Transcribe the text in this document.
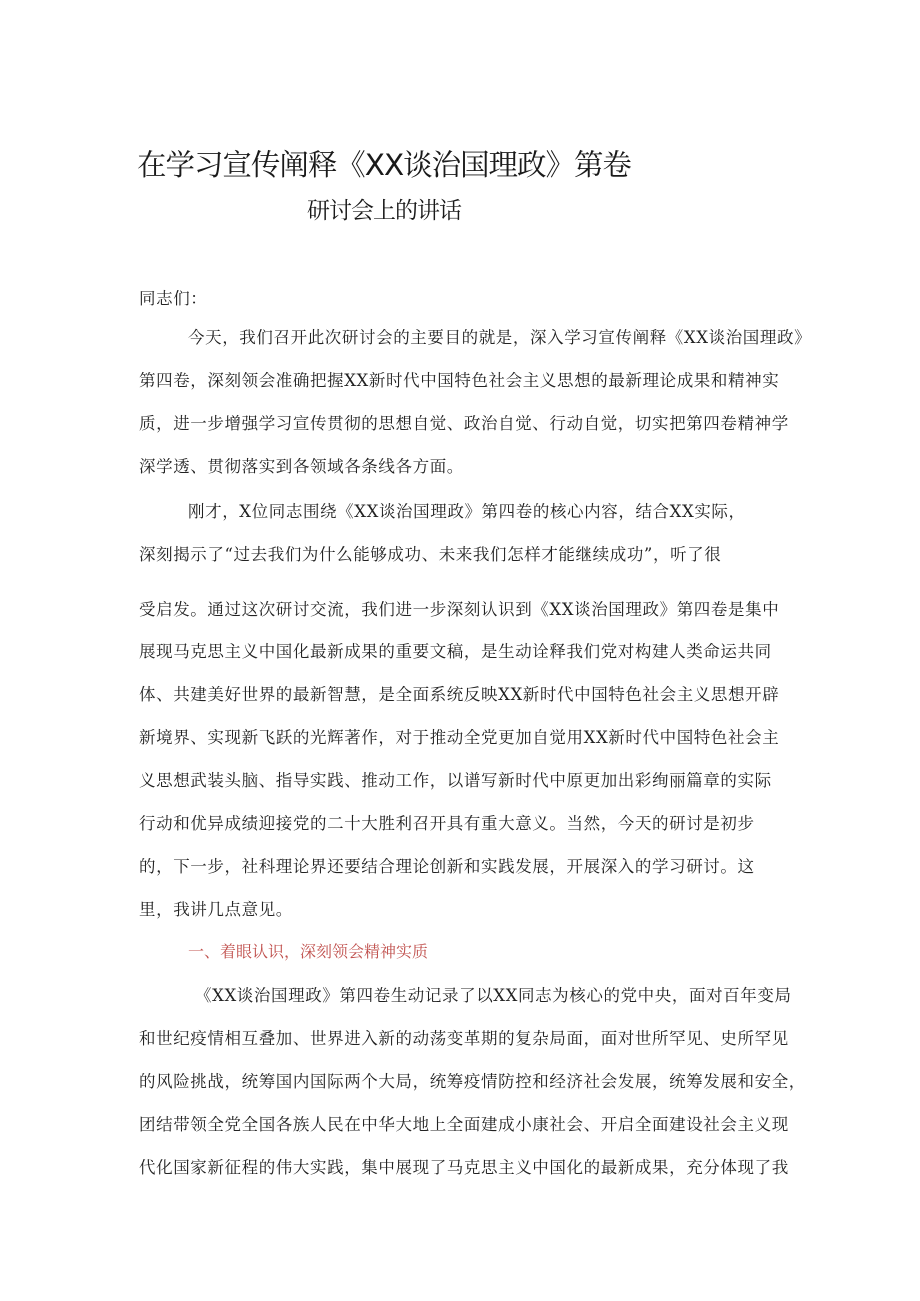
在学习宣传阐释《XX谈治国理政》第卷
研讨会上的讲话
同志们：
今天，我们召开此次研讨会的主要目的就是，深入学习宣传阐释《XX谈治国理政》
第四卷，深刻领会准确把握XX新时代中国特色社会主义思想的最新理论成果和精神实
质，进一步增强学习宣传贯彻的思想自觉、政治自觉、行动自觉，切实把第四卷精神学
深学透、贯彻落实到各领域各条线各方面。
刚才，X位同志围绕《XX谈治国理政》第四卷的核心内容，结合XX实际，
深刻揭示了“过去我们为什么能够成功、未来我们怎样才能继续成功”，听了很
受启发。通过这次研讨交流，我们进一步深刻认识到《XX谈治国理政》第四卷是集中
展现马克思主义中国化最新成果的重要文稿，是生动诠释我们党对构建人类命运共同
体、共建美好世界的最新智慧，是全面系统反映XX新时代中国特色社会主义思想开辟
新境界、实现新飞跃的光辉著作，对于推动全党更加自觉用XX新时代中国特色社会主
义思想武装头脑、指导实践、推动工作，以谱写新时代中原更加出彩绚丽篇章的实际
行动和优异成绩迎接党的二十大胜利召开具有重大意义。当然，今天的研讨是初步
的，下一步，社科理论界还要结合理论创新和实践发展，开展深入的学习研讨。这
里，我讲几点意见。
一、着眼认识，深刻领会精神实质
《XX谈治国理政》第四卷生动记录了以XX同志为核心的党中央，面对百年变局
和世纪疫情相互叠加、世界进入新的动荡变革期的复杂局面，面对世所罕见、史所罕见
的风险挑战，统筹国内国际两个大局，统筹疫情防控和经济社会发展，统筹发展和安全，
团结带领全党全国各族人民在中华大地上全面建成小康社会、开启全面建设社会主义现
代化国家新征程的伟大实践，集中展现了马克思主义中国化的最新成果，充分体现了我
